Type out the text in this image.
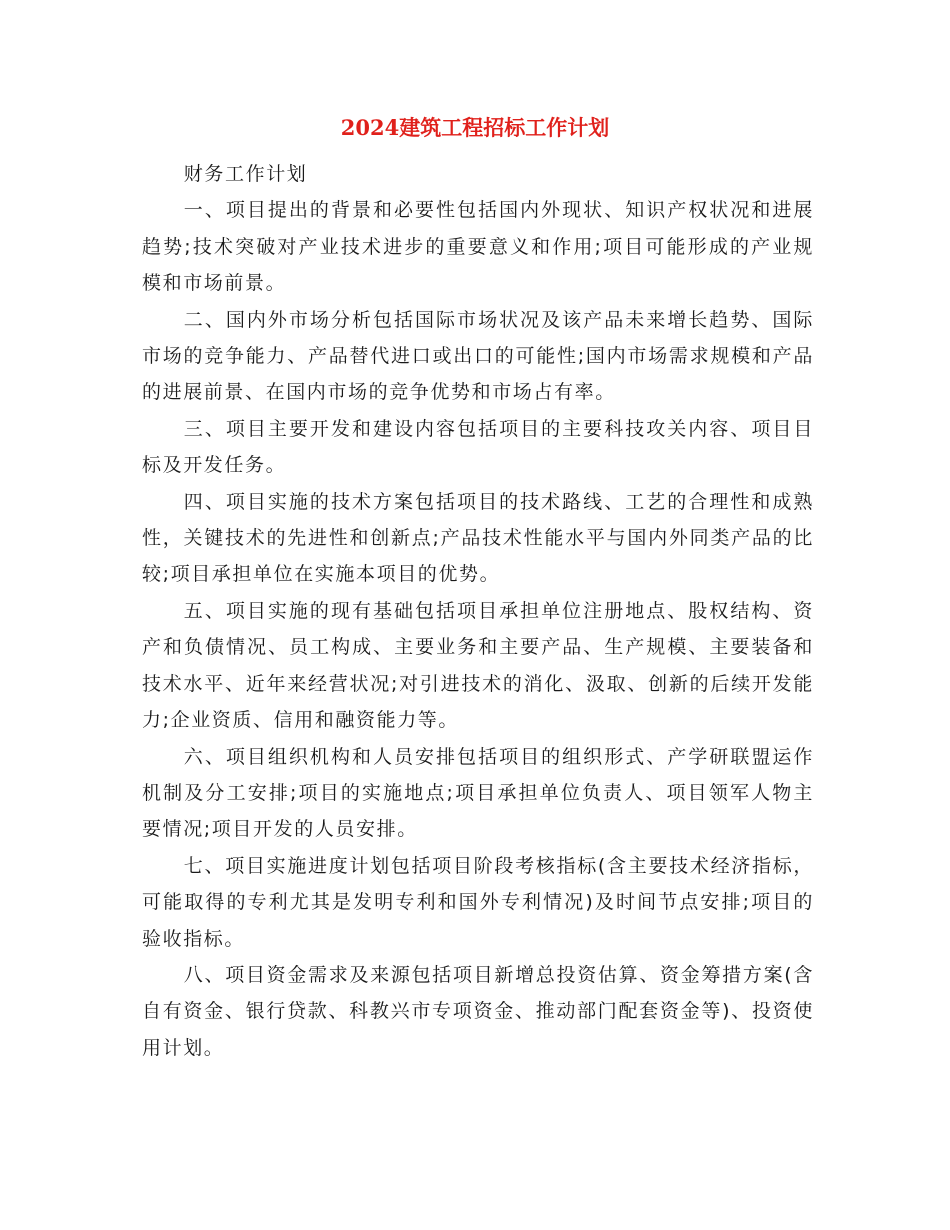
2024建筑工程招标工作计划

财务工作计划

一、项目提出的背景和必要性包括国内外现状、知识产权状况和进展趋势;技术突破对产业技术进步的重要意义和作用;项目可能形成的产业规模和市场前景。

二、国内外市场分析包括国际市场状况及该产品未来增长趋势、国际市场的竞争能力、产品替代进口或出口的可能性;国内市场需求规模和产品的进展前景、在国内市场的竞争优势和市场占有率。

三、项目主要开发和建设内容包括项目的主要科技攻关内容、项目目标及开发任务。

四、项目实施的技术方案包括项目的技术路线、工艺的合理性和成熟性，关键技术的先进性和创新点;产品技术性能水平与国内外同类产品的比较;项目承担单位在实施本项目的优势。

五、项目实施的现有基础包括项目承担单位注册地点、股权结构、资产和负债情况、员工构成、主要业务和主要产品、生产规模、主要装备和技术水平、近年来经营状况;对引进技术的消化、汲取、创新的后续开发能力;企业资质、信用和融资能力等。

六、项目组织机构和人员安排包括项目的组织形式、产学研联盟运作机制及分工安排;项目的实施地点;项目承担单位负责人、项目领军人物主要情况;项目开发的人员安排。

七、项目实施进度计划包括项目阶段考核指标(含主要技术经济指标，可能取得的专利尤其是发明专利和国外专利情况)及时间节点安排;项目的验收指标。

八、项目资金需求及来源包括项目新增总投资估算、资金筹措方案(含自有资金、银行贷款、科教兴市专项资金、推动部门配套资金等)、投资使用计划。
